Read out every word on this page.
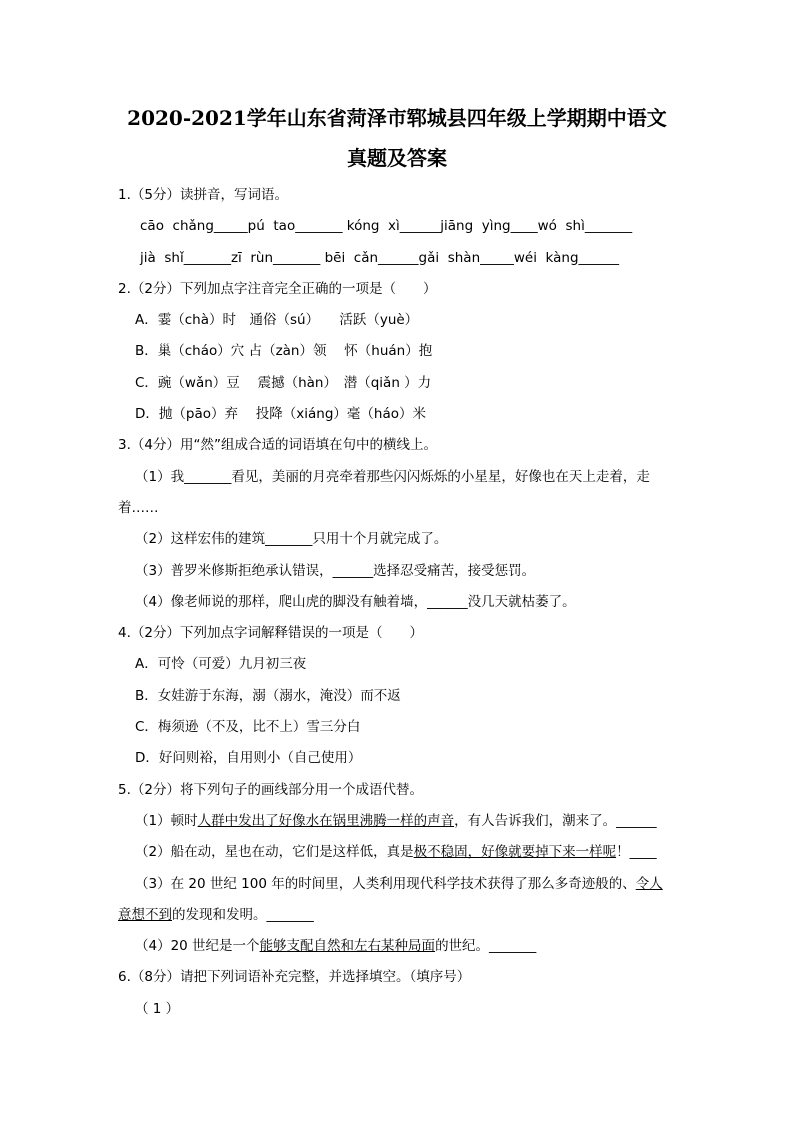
2020-2021学年山东省菏泽市郓城县四年级上学期期中语文
真题及答案
1.（5分）读拼音，写词语。
cāo  chǎng_____pú  tao_______ kóng  xì______jiāng  yìng____wó  shì_______
jià  shǐ_______zī  rùn_______ bēi  cǎn______gǎi  shàn_____wéi  kàng______
2.（2分）下列加点字注音完全正确的一项是（　　）
A．霎（chà）时　通俗（sú）　　活跃（yuè）
B．巢（cháo）穴 占（zàn）领　 怀（huán）抱
C．豌（wǎn）豆　 震撼（hàn）　潜（qiǎn ）力
D．抛（pāo）弃　 投降（xiáng）毫（háo）米
3.（4分）用“然”组成合适的词语填在句中的横线上。
（1）我_______看见，美丽的月亮牵着那些闪闪烁烁的小星星，好像也在天上走着，走
着……
（2）这样宏伟的建筑_______只用十个月就完成了。
（3）普罗米修斯拒绝承认错误，______选择忍受痛苦，接受惩罚。
（4）像老师说的那样，爬山虎的脚没有触着墙，______没几天就枯萎了。
4.（2分）下列加点字词解释错误的一项是（　　）
A．可怜（可爱）九月初三夜
B．女娃游于东海，溺（溺水，淹没）而不返
C．梅须逊（不及，比不上）雪三分白
D．好问则裕，自用则小（自己使用）
5.（2分）将下列句子的画线部分用一个成语代替。
（1）顿时人群中发出了好像水在锅里沸腾一样的声音，有人告诉我们，潮来了。______
（2）船在动，星也在动，它们是这样低，真是极不稳固，好像就要掉下来一样呢！____
（3）在 20 世纪 100 年的时间里，人类利用现代科学技术获得了那么多奇迹般的、令人
意想不到的发现和发明。_______
（4）20 世纪是一个能够支配自然和左右某种局面的世纪。_______
6.（8分）请把下列词语补充完整，并选择填空。（填序号）
（ 1 ）
